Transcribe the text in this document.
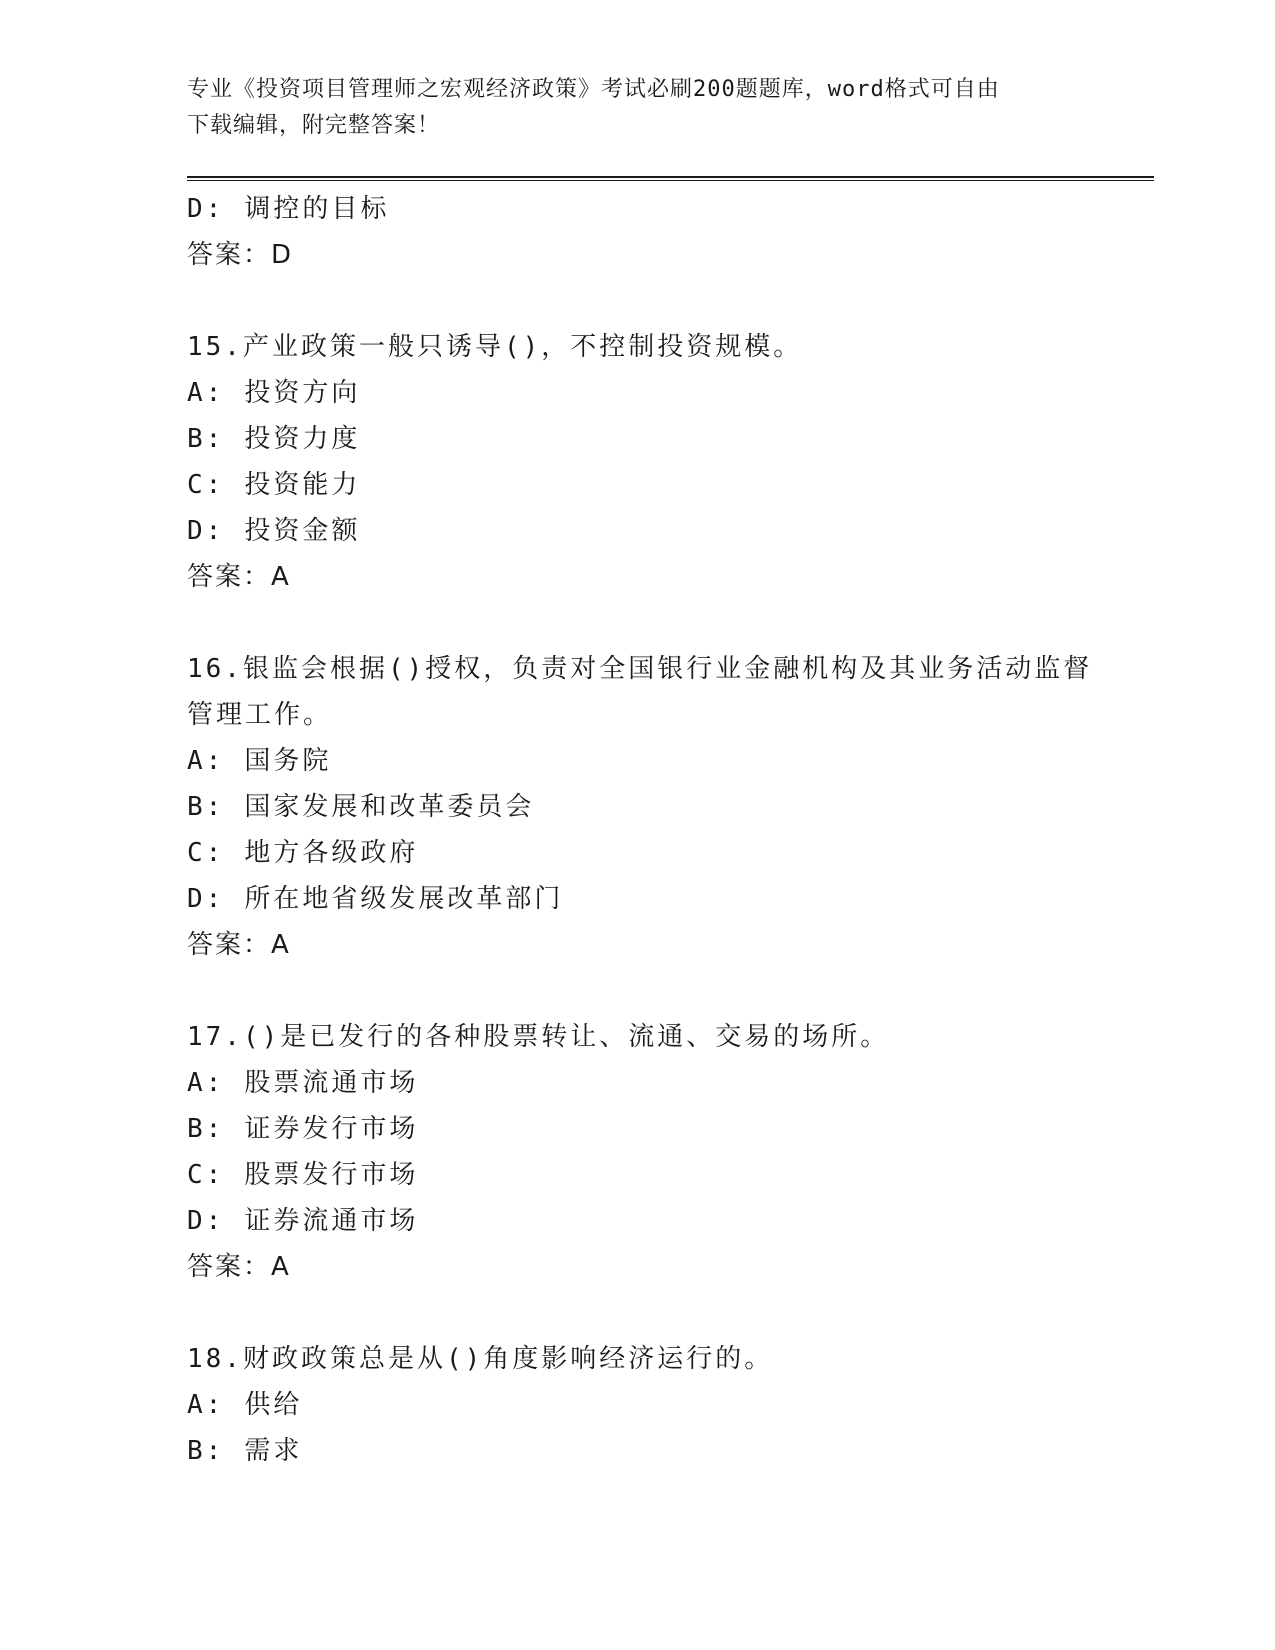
专业《投资项目管理师之宏观经济政策》考试必刷200题题库，word格式可自由
下载编辑，附完整答案！
D: 调控的目标
答案：D
15.产业政策一般只诱导()，不控制投资规模。
A: 投资方向
B: 投资力度
C: 投资能力
D: 投资金额
答案：A
16.银监会根据()授权，负责对全国银行业金融机构及其业务活动监督
管理工作。
A: 国务院
B: 国家发展和改革委员会
C: 地方各级政府
D: 所在地省级发展改革部门
答案：A
17.()是已发行的各种股票转让、流通、交易的场所。
A: 股票流通市场
B: 证券发行市场
C: 股票发行市场
D: 证券流通市场
答案：A
18.财政政策总是从()角度影响经济运行的。
A: 供给
B: 需求
